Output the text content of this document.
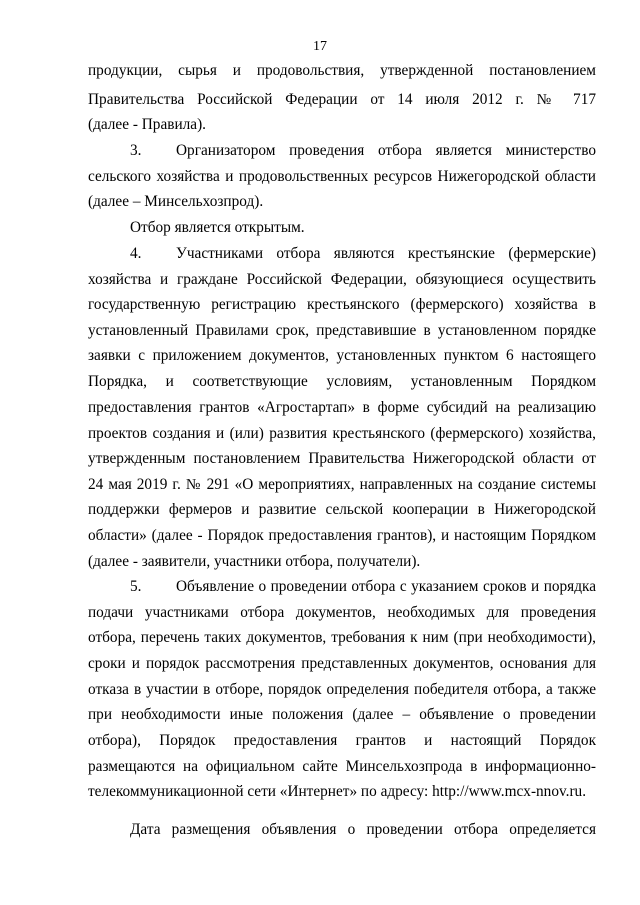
17
продукции, сырья и продовольствия, утвержденной постановлением
Правительства Российской Федерации от 14 июля 2012 г. № 717
(далее - Правила).
3. Организатором проведения отбора является министерство
сельского хозяйства и продовольственных ресурсов Нижегородской области
(далее – Минсельхозпрод).
Отбор является открытым.
4. Участниками отбора являются крестьянские (фермерские)
хозяйства и граждане Российской Федерации, обязующиеся осуществить
государственную регистрацию крестьянского (фермерского) хозяйства в
установленный Правилами срок, представившие в установленном порядке
заявки с приложением документов, установленных пунктом 6 настоящего
Порядка, и соответствующие условиям, установленным Порядком
предоставления грантов «Агростартап» в форме субсидий на реализацию
проектов создания и (или) развития крестьянского (фермерского) хозяйства,
утвержденным постановлением Правительства Нижегородской области от
24 мая 2019 г. № 291 «О мероприятиях, направленных на создание системы
поддержки фермеров и развитие сельской кооперации в Нижегородской
области» (далее - Порядок предоставления грантов), и настоящим Порядком
(далее - заявители, участники отбора, получатели).
5. Объявление о проведении отбора с указанием сроков и порядка
подачи участниками отбора документов, необходимых для проведения
отбора, перечень таких документов, требования к ним (при необходимости),
сроки и порядок рассмотрения представленных документов, основания для
отказа в участии в отборе, порядок определения победителя отбора, а также
при необходимости иные положения (далее – объявление о проведении
отбора), Порядок предоставления грантов и настоящий Порядок
размещаются на официальном сайте Минсельхозпрода в информационно-
телекоммуникационной сети «Интернет» по адресу: http://www.mcx-nnov.ru.
Дата размещения объявления о проведении отбора определяется
